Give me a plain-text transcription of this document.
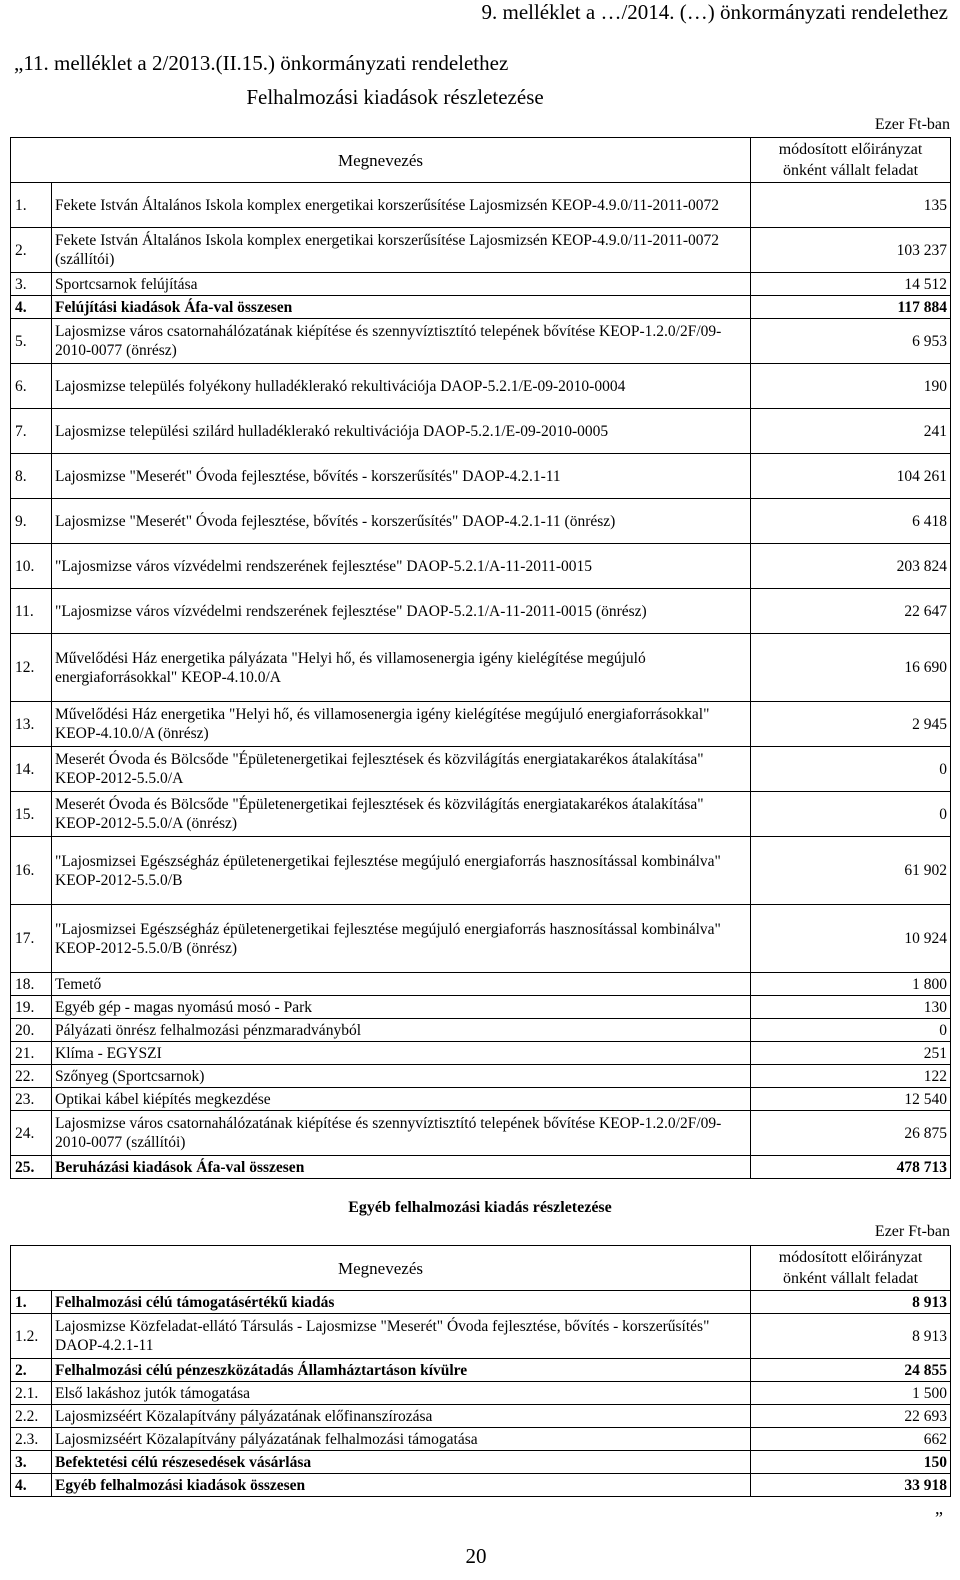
9. melléklet a …/2014. (…) önkormányzati rendelethez
„11. melléklet a 2/2013.(II.15.) önkormányzati rendelethez
Felhalmozási kiadások részletezése
Ezer Ft-ban
Megnevezés		módosított előirányzat
önként vállalt feladat

1.	Fekete István Általános Iskola komplex energetikai korszerűsítése Lajosmizsén KEOP-4.9.0/11-2011-0072	135
2.	Fekete István Általános Iskola komplex energetikai korszerűsítése Lajosmizsén KEOP-4.9.0/11-2011-0072 (szállítói)	103 237
3.	Sportcsarnok felújítása	14 512
4.	Felújítási kiadások Áfa-val összesen	117 884
5.	Lajosmizse város csatornahálózatának kiépítése és szennyvíztisztító telepének bővítése KEOP-1.2.0/2F/09-2010-0077 (önrész)	6 953
6.	Lajosmizse település folyékony hulladéklerakó rekultivációja DAOP-5.2.1/E-09-2010-0004	190
7.	Lajosmizse települési szilárd hulladéklerakó rekultivációja DAOP-5.2.1/E-09-2010-0005	241
8.	Lajosmizse "Meserét" Óvoda fejlesztése, bővítés - korszerűsítés" DAOP-4.2.1-11	104 261
9.	Lajosmizse "Meserét" Óvoda fejlesztése, bővítés - korszerűsítés" DAOP-4.2.1-11 (önrész)	6 418
10.	"Lajosmizse város vízvédelmi rendszerének fejlesztése" DAOP-5.2.1/A-11-2011-0015	203 824
11.	"Lajosmizse város vízvédelmi rendszerének fejlesztése" DAOP-5.2.1/A-11-2011-0015 (önrész)	22 647
12.	Művelődési Ház energetika pályázata "Helyi hő, és villamosenergia igény kielégítése megújuló energiaforrásokkal" KEOP-4.10.0/A	16 690
13.	Művelődési Ház energetika "Helyi hő, és villamosenergia igény kielégítése megújuló energiaforrásokkal" KEOP-4.10.0/A (önrész)	2 945
14.	Meserét Óvoda és Bölcsőde "Épületenergetikai fejlesztések és közvilágítás energiatakarékos átalakítása" KEOP-2012-5.5.0/A	0
15.	Meserét Óvoda és Bölcsőde "Épületenergetikai fejlesztések és közvilágítás energiatakarékos átalakítása" KEOP-2012-5.5.0/A (önrész)	0
16.	"Lajosmizsei Egészségház épületenergetikai fejlesztése megújuló energiaforrás hasznosítással kombinálva" KEOP-2012-5.5.0/B	61 902
17.	"Lajosmizsei Egészségház épületenergetikai fejlesztése megújuló energiaforrás hasznosítással kombinálva" KEOP-2012-5.5.0/B (önrész)	10 924
18.	Temető	1 800
19.	Egyéb gép - magas nyomású mosó - Park	130
20.	Pályázati önrész felhalmozási pénzmaradványból	0
21.	Klíma - EGYSZI	251
22.	Szőnyeg (Sportcsarnok)	122
23.	Optikai kábel kiépítés megkezdése	12 540
24.	Lajosmizse város csatornahálózatának kiépítése és szennyvíztisztító telepének bővítése KEOP-1.2.0/2F/09-2010-0077 (szállítói)	26 875
25.	Beruházási kiadások Áfa-val összesen	478 713
Egyéb felhalmozási kiadás részletezése
Ezer Ft-ban
Megnevezés		módosított előirányzat
önként vállalt feladat

1.	Felhalmozási célú támogatásértékű kiadás	8 913
1.2.	Lajosmizse Közfeladat-ellátó Társulás - Lajosmizse "Meserét" Óvoda fejlesztése, bővítés - korszerűsítés" DAOP-4.2.1-11	8 913
2.	Felhalmozási célú pénzeszközátadás Államháztartáson kívülre	24 855
2.1.	Első lakáshoz jutók támogatása	1 500
2.2.	Lajosmizséért Közalapítvány pályázatának előfinanszírozása	22 693
2.3.	Lajosmizséért Közalapítvány pályázatának felhalmozási támogatása	662
3.	Befektetési célú részesedések vásárlása	150
4.	Egyéb felhalmozási kiadások összesen	33 918
”
20
